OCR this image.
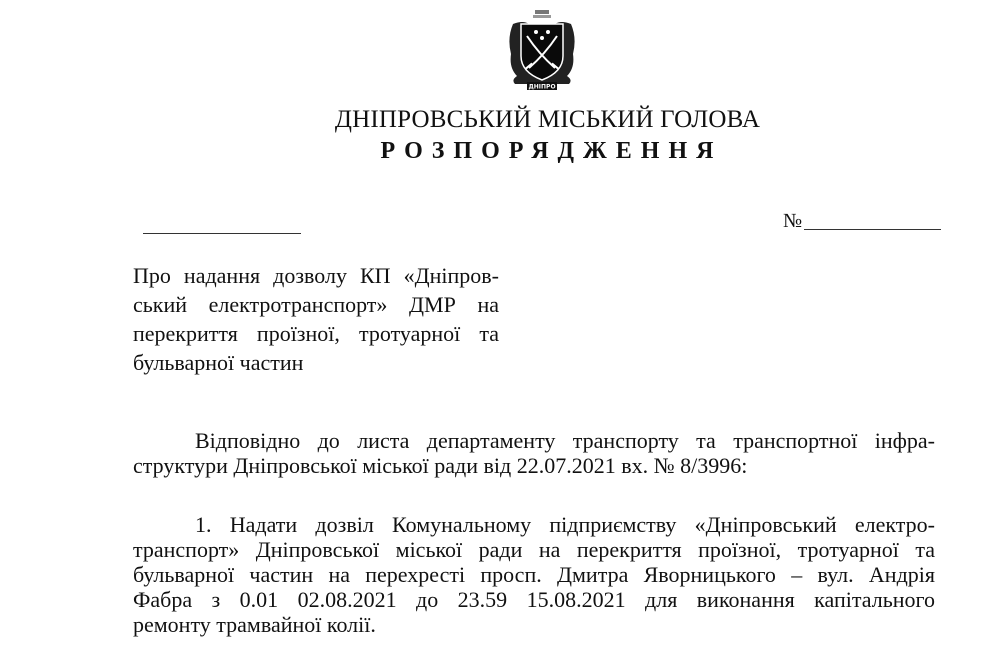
ДНІПРО
ДНІПРОВСЬКИЙ МІСЬКИЙ ГОЛОВА
РОЗПОРЯДЖЕННЯ
№
Про надання дозволу КП «Дніпров-
ський електротранспорт» ДМР на
перекриття проїзної, тротуарної та
бульварної частин
Відповідно до листа департаменту транспорту та транспортної інфра-
структури Дніпровської міської ради від 22.07.2021 вх. № 8/3996:
1. Надати дозвіл Комунальному підприємству «Дніпровський електро-
транспорт» Дніпровської міської ради на перекриття проїзної, тротуарної та
бульварної частин на перехресті просп. Дмитра Яворницького – вул. Андрія
Фабра з 0.01 02.08.2021 до 23.59 15.08.2021 для виконання капітального
ремонту трамвайної колії.
